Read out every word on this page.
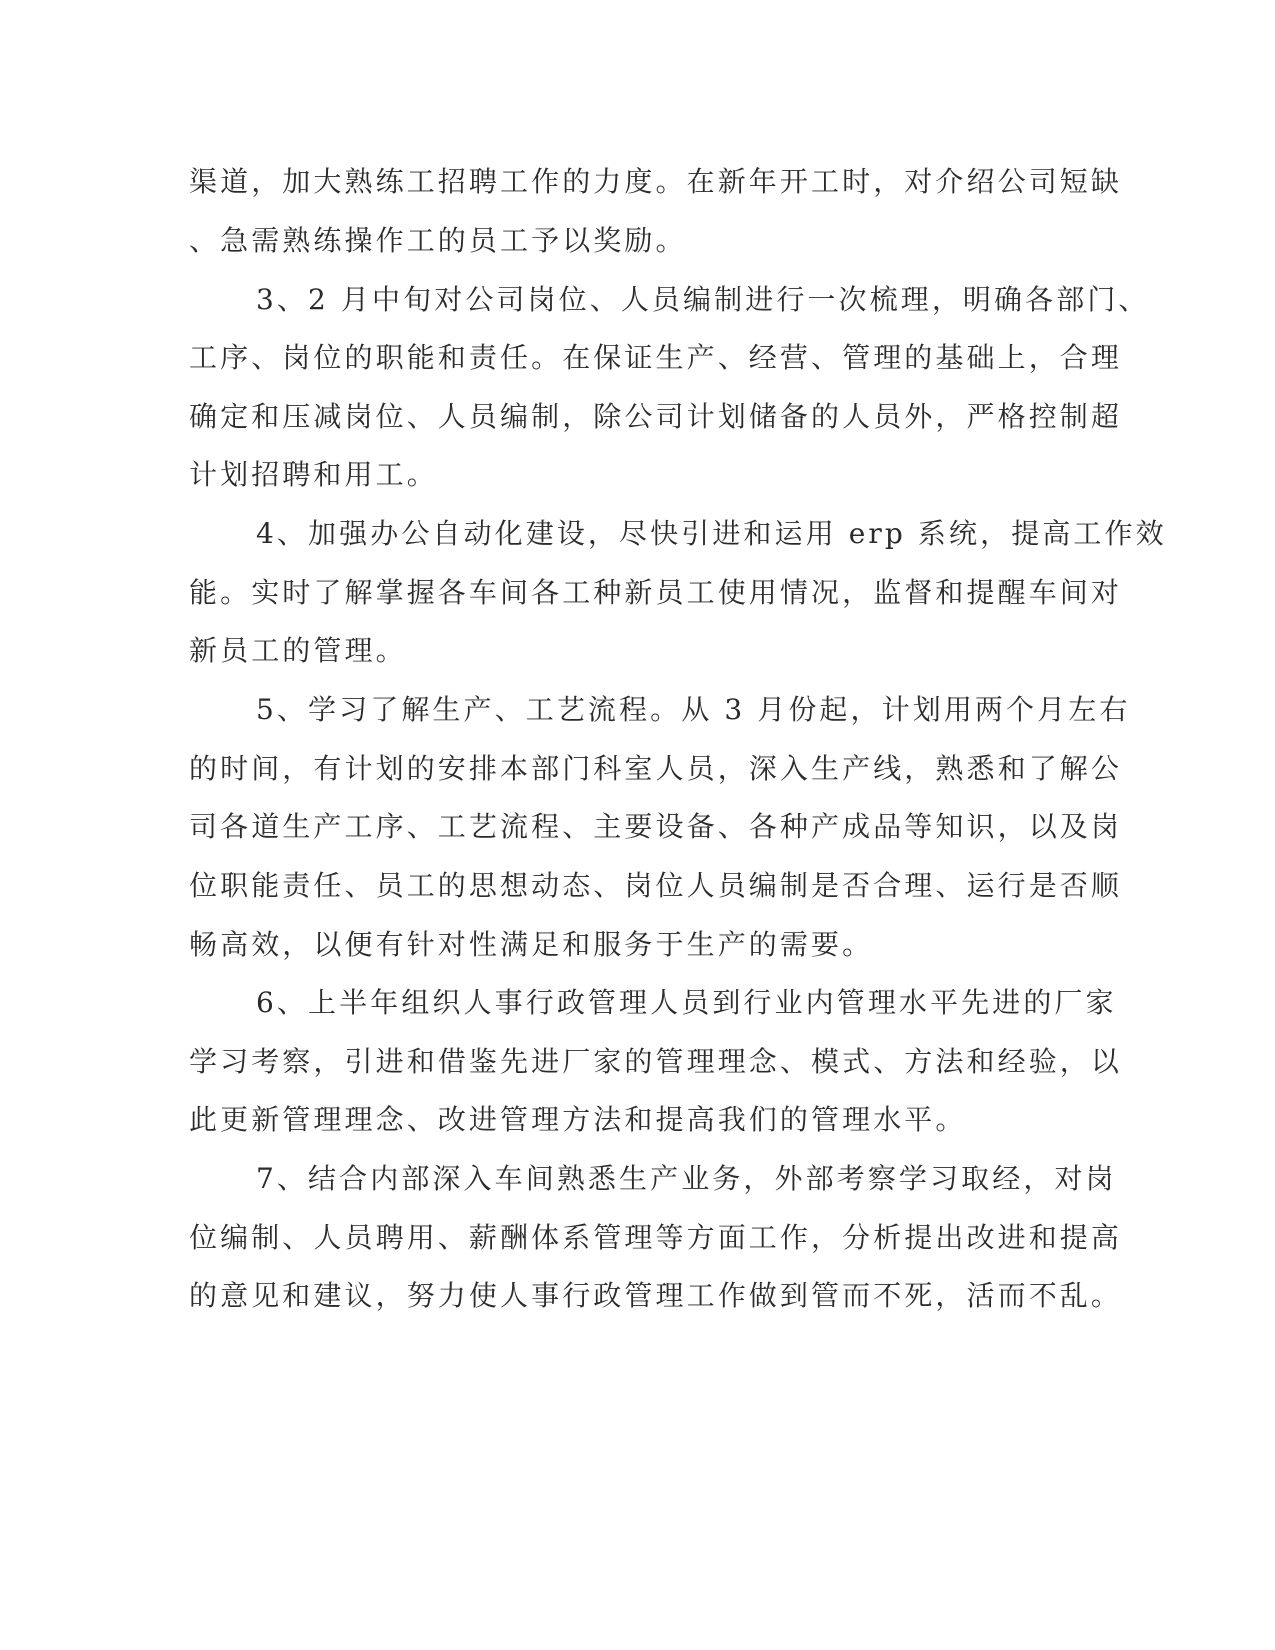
渠道，加大熟练工招聘工作的力度。在新年开工时，对介绍公司短缺

、急需熟练操作工的员工予以奖励。

3、2 月中旬对公司岗位、人员编制进行一次梳理，明确各部门、

工序、岗位的职能和责任。在保证生产、经营、管理的基础上，合理

确定和压减岗位、人员编制，除公司计划储备的人员外，严格控制超

计划招聘和用工。

4、加强办公自动化建设，尽快引进和运用 erp 系统，提高工作效

能。实时了解掌握各车间各工种新员工使用情况，监督和提醒车间对

新员工的管理。

5、学习了解生产、工艺流程。从 3 月份起，计划用两个月左右

的时间，有计划的安排本部门科室人员，深入生产线，熟悉和了解公

司各道生产工序、工艺流程、主要设备、各种产成品等知识，以及岗

位职能责任、员工的思想动态、岗位人员编制是否合理、运行是否顺

畅高效，以便有针对性满足和服务于生产的需要。

6、上半年组织人事行政管理人员到行业内管理水平先进的厂家

学习考察，引进和借鉴先进厂家的管理理念、模式、方法和经验，以

此更新管理理念、改进管理方法和提高我们的管理水平。

7、结合内部深入车间熟悉生产业务，外部考察学习取经，对岗

位编制、人员聘用、薪酬体系管理等方面工作，分析提出改进和提高

的意见和建议，努力使人事行政管理工作做到管而不死，活而不乱。
